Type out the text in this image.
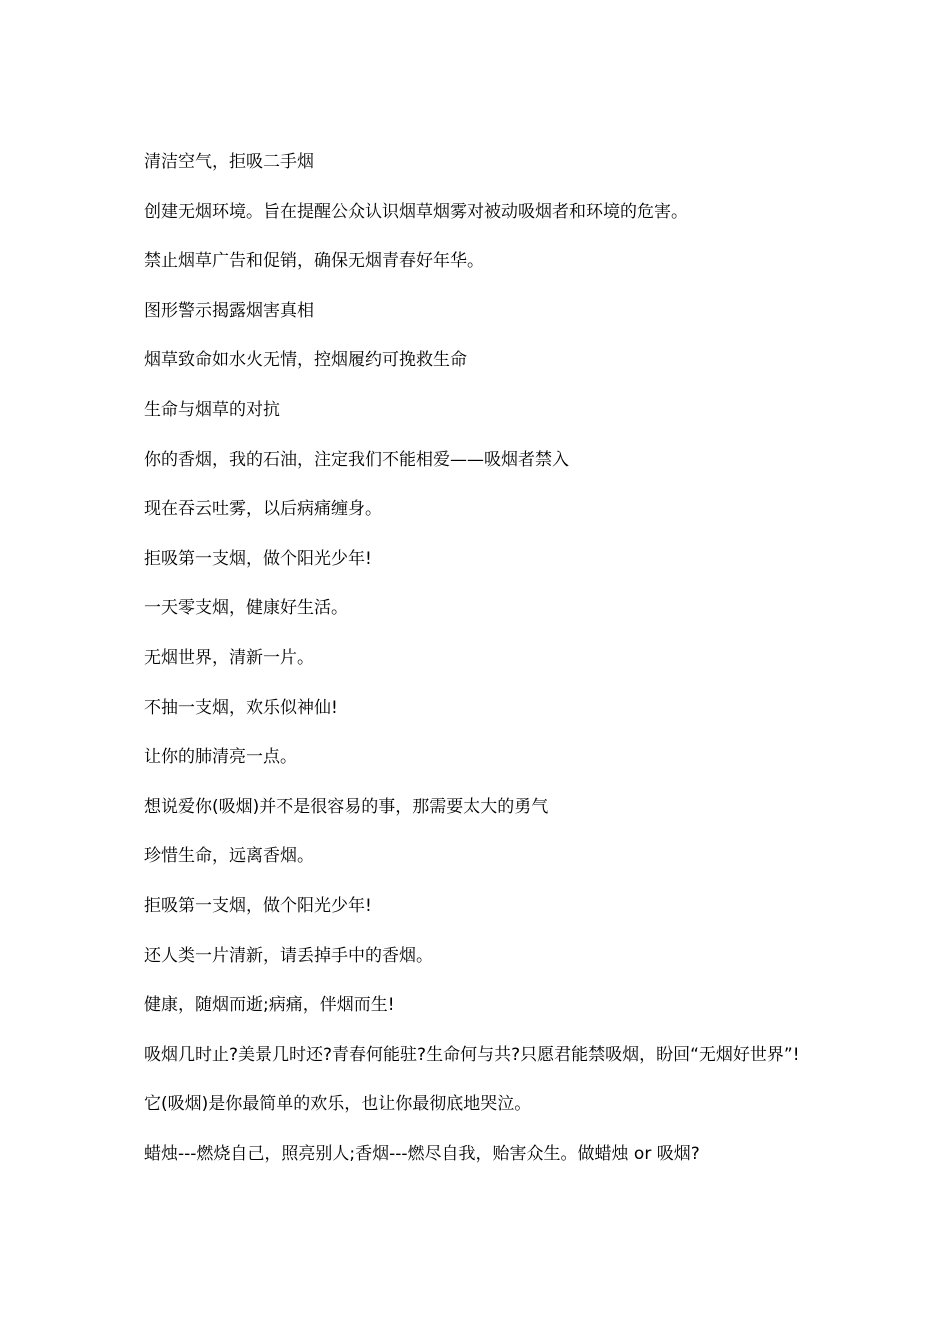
清洁空气，拒吸二手烟

创建无烟环境。旨在提醒公众认识烟草烟雾对被动吸烟者和环境的危害。

禁止烟草广告和促销，确保无烟青春好年华。

图形警示揭露烟害真相

烟草致命如水火无情，控烟履约可挽救生命

生命与烟草的对抗

你的香烟，我的石油，注定我们不能相爱——吸烟者禁入

现在吞云吐雾，以后病痛缠身。

拒吸第一支烟，做个阳光少年!

一天零支烟，健康好生活。

无烟世界，清新一片。

不抽一支烟，欢乐似神仙!

让你的肺清亮一点。

想说爱你(吸烟)并不是很容易的事，那需要太大的勇气

珍惜生命，远离香烟。

拒吸第一支烟，做个阳光少年!

还人类一片清新，请丢掉手中的香烟。

健康，随烟而逝;病痛，伴烟而生!

吸烟几时止?美景几时还?青春何能驻?生命何与共?只愿君能禁吸烟，盼回“无烟好世界”!

它(吸烟)是你最简单的欢乐，也让你最彻底地哭泣。

蜡烛---燃烧自己，照亮别人;香烟---燃尽自我，贻害众生。做蜡烛 or 吸烟?
